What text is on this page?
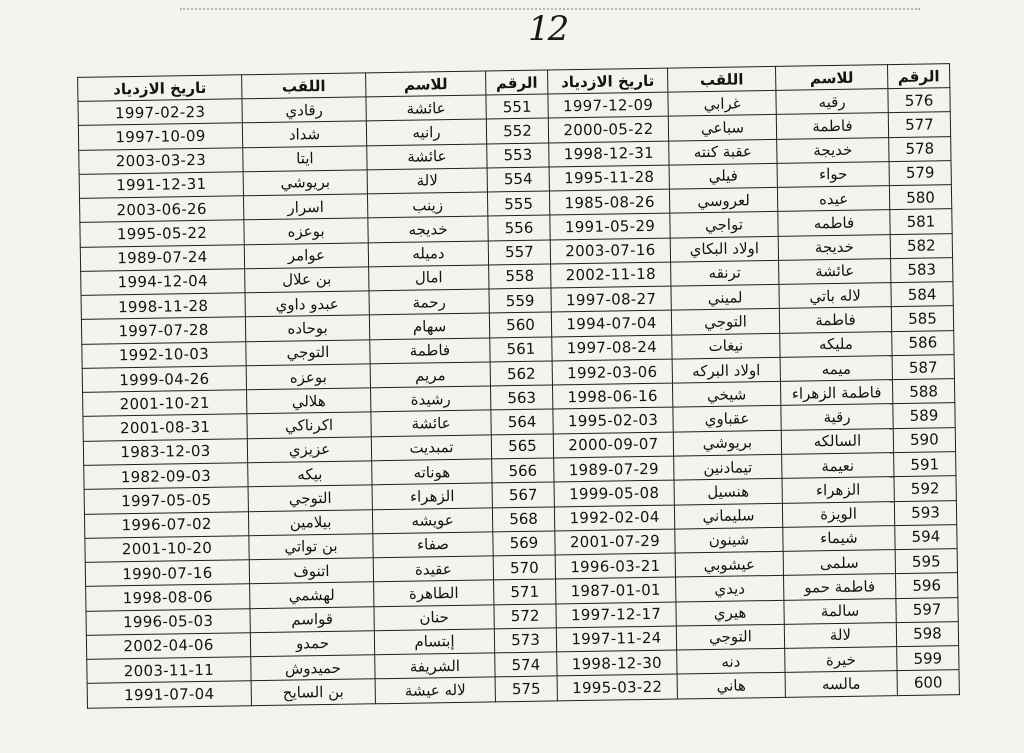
12
الرقم	للاسم	اللقب	تاريخ الازدياد	الرقم	للاسم	اللقب	تاريخ الازدياد
576	رقيه	غرابي	1997-12-09	551	عائشة	رقادي	1997-02-23
577	فاطمة	سباعي	2000-05-22	552	رانيه	شداد	1997-10-09
578	خديجة	عقبة كنته	1998-12-31	553	عائشة	ايتا	2003-03-23
579	حواء	فيلي	1995-11-28	554	لالة	بريوشي	1991-12-31
580	عيده	لعروسي	1985-08-26	555	زينب	اسرار	2003-06-26
581	فاطمه	تواجي	1991-05-29	556	خديجه	بوعزه	1995-05-22
582	خديجة	اولاد البكاي	2003-07-16	557	دميله	عوامر	1989-07-24
583	عائشة	ترنقه	2002-11-18	558	امال	بن علال	1994-12-04
584	لاله باتي	لميني	1997-08-27	559	رحمة	عبدو داوي	1998-11-28
585	فاطمة	التوجي	1994-07-04	560	سهام	بوحاده	1997-07-28
586	مليكه	نيغات	1997-08-24	561	فاطمة	التوجي	1992-10-03
587	ميمه	اولاد البركه	1992-03-06	562	مريم	بوعزه	1999-04-26
588	فاطمة الزهراء	شيخي	1998-06-16	563	رشيدة	هلالي	2001-10-21
589	رقية	عقباوي	1995-02-03	564	عائشة	اكرناكي	2001-08-31
590	السالكه	بريوشي	2000-09-07	565	تمبديت	عزيزي	1983-12-03
591	نعيمة	تيمادنين	1989-07-29	566	هوناته	بيكه	1982-09-03
592	الزهراء	هنسيل	1999-05-08	567	الزهراء	التوجي	1997-05-05
593	الويزة	سليماني	1992-02-04	568	عويشه	بيلامين	1996-07-02
594	شيماء	شينون	2001-07-29	569	صفاء	بن تواتي	2001-10-20
595	سلمى	عيشوبي	1996-03-21	570	عقيدة	اتنوف	1990-07-16
596	فاطمة حمو	ديدي	1987-01-01	571	الطاهرة	لهشمي	1998-08-06
597	سالمة	هيري	1997-12-17	572	حنان	قواسم	1996-05-03
598	لالة	التوجي	1997-11-24	573	إبتسام	حمدو	2002-04-06
599	خيرة	دنه	1998-12-30	574	الشريفة	حميدوش	2003-11-11
600	مالسه	هاني	1995-03-22	575	لاله عيشة	بن السايح	1991-07-04
